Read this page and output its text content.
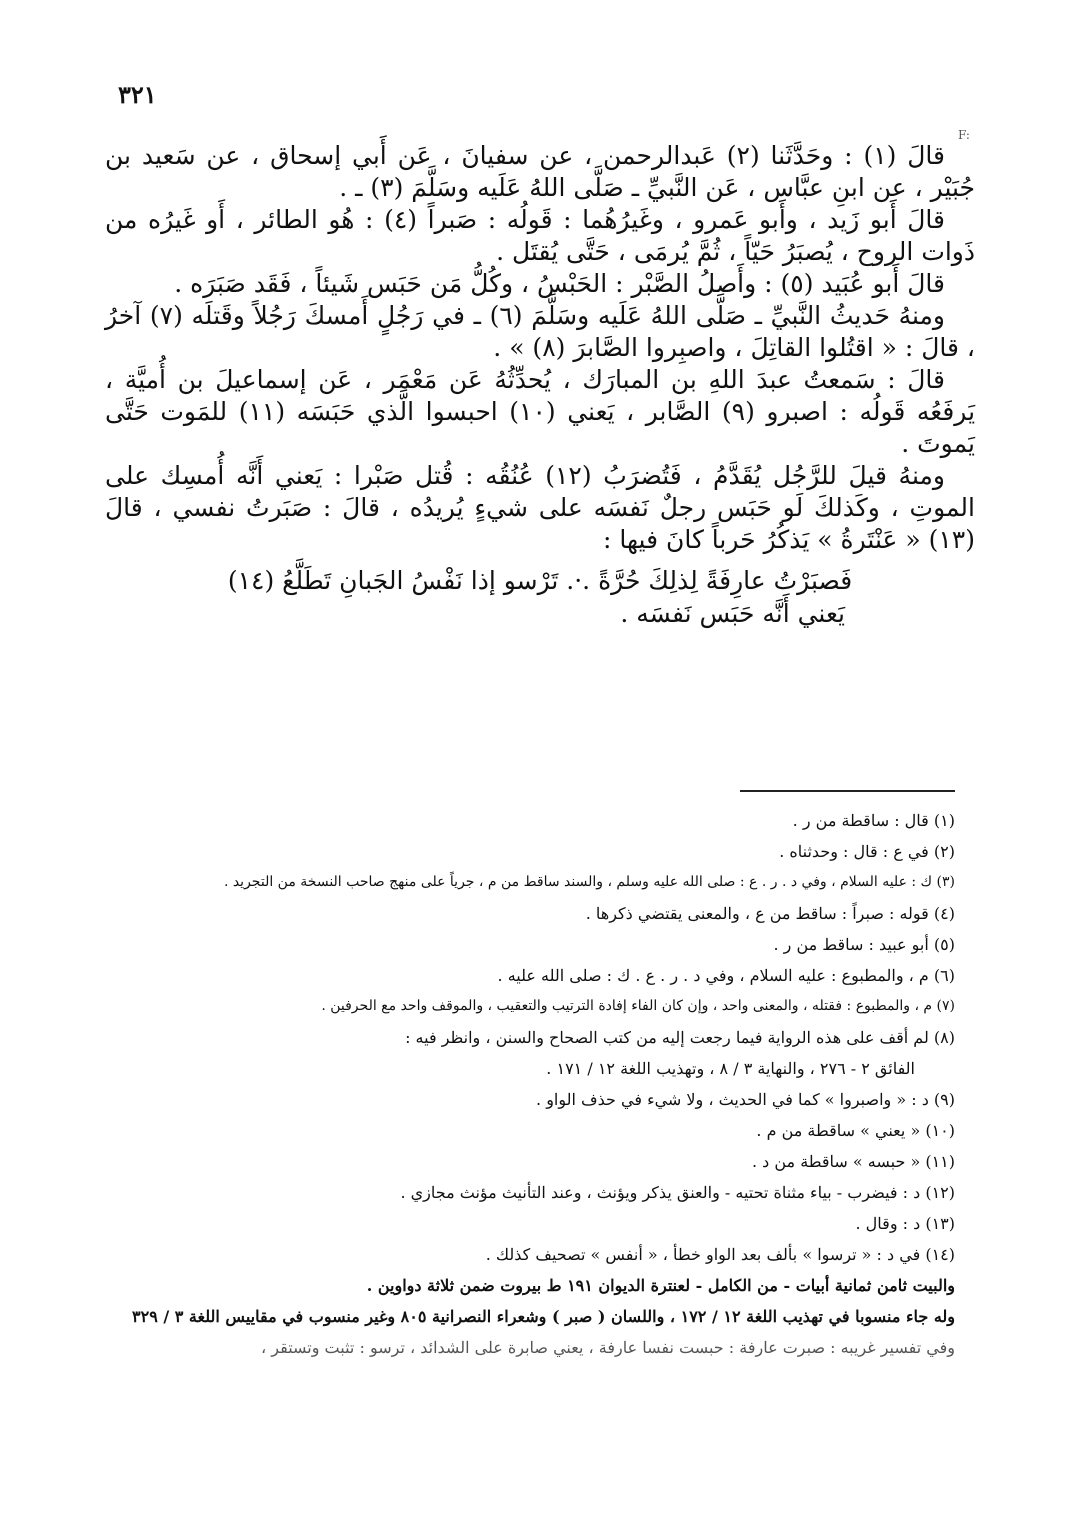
٣٢١
F:

قالَ (١) : وحَدَّثَنا (٢) عَبدالرحمن ، عن سفيانَ ، عَن أَبي إسحاق ، عن سَعيد بن جُبَيْر ، عن ابنِ عبَّاس ، عَن النَّبيِّ ـ صَلَّى اللهُ عَلَيه وسَلَّمَ (٣) ـ .

قالَ أَبو زَيد ، وأَبو عَمرو ، وغَيرُهُما : قَولُه : صَبراً (٤) : هُو الطائر ، أَو غَيرُه من ذَوات الروح ، يُصبَرُ حَيّاً ، ثُمَّ يُرمَى ، حَتَّى يُقتَل .

قالَ أَبو عُبَيد (٥) : وأَصلُ الصَّبْر : الحَبْسُ ، وكُلُّ مَن حَبَس شَيئاً ، فَقَد صَبَرَه .

ومنهُ حَديثُ النَّبيِّ ـ صَلَّى اللهُ عَلَيه وسَلَّمَ (٦) ـ في رَجُلٍ أَمسكَ رَجُلاً وقَتلَه (٧) آخرُ ، قالَ : « اقتُلوا القاتِلَ ، واصبِروا الصَّابرَ (٨) » .

قالَ : سَمعتُ عبدَ اللهِ بن المبارَك ، يُحدِّثُهُ عَن مَعْمَر ، عَن إسماعيلَ بن أُميَّة ، يَرفَعُه قَولُه : اصبرو (٩) الصَّابر ، يَعني (١٠) احبسوا الَّذي حَبَسَه (١١) للمَوت حَتَّى يَموتَ .

ومنهُ قيلَ للرَّجُل يُقَدَّمُ ، فَتُضرَبُ (١٢) عُنُقُه : قُتل صَبْرا : يَعني أَنَّه أُمسِك على الموتِ ، وكَذلكَ لَو حَبَس رجلٌ نَفسَه على شيءٍ يُريدُه ، قالَ : صَبَرتُ نفسي ، قالَ (١٣) « عَنْتَرةُ » يَذكُرُ حَرباً كانَ فيها :

فَصبَرْتُ عارِفَةً لِذلِكَ حُرَّةً .·. تَرْسو إذا نَفْسُ الجَبانِ تَطَلَّعُ (١٤)

يَعني أَنَّه حَبَس نَفسَه .

(١) قال : ساقطة من ر .

(٢) في ع : قال : وحدثناه .

(٣) ك : عليه السلام ، وفي د . ر . ع : صلى الله عليه وسلم ، والسند ساقط من م ، جرياً على منهج صاحب النسخة من التجريد .

(٤) قوله : صبراً : ساقط من ع ، والمعنى يقتضي ذكرها .

(٥) أبو عبيد : ساقط من ر .

(٦) م ، والمطبوع : عليه السلام ، وفي د . ر . ع . ك : صلى الله عليه .

(٧) م ، والمطبوع : فقتله ، والمعنى واحد ، وإن كان الفاء إفادة الترتيب والتعقيب ، والموقف واحد مع الحرفين .

(٨) لم أقف على هذه الرواية فيما رجعت إليه من كتب الصحاح والسنن ، وانظر فيه :

الفائق ٢ - ٢٧٦ ، والنهاية ٣ / ٨ ، وتهذيب اللغة ١٢ / ١٧١ .

(٩) د : « واصبروا » كما في الحديث ، ولا شيء في حذف الواو .

(١٠) « يعني » ساقطة من م .

(١١) « حبسه » ساقطة من د .

(١٢) د : فيضرب - بياء مثناة تحتيه - والعنق يذكر ويؤنث ، وعند التأنيث مؤنث مجازي .

(١٣) د : وقال .

(١٤) في د : « ترسوا » بألف بعد الواو خطأ ، « أنفس » تصحيف كذلك .

والبيت ثامن ثمانية أبيات - من الكامل - لعنترة الديوان ١٩١ ط بيروت ضمن ثلاثة دواوين .

وله جاء منسوبا في تهذيب اللغة ١٢ / ١٧٢ ، واللسان ( صبر ) وشعراء النصرانية ٨٠٥ وغير منسوب في مقاييس اللغة ٣ / ٣٢٩

وفي تفسير غريبه : صبرت عارفة : حبست نفسا عارفة ، يعني صابرة على الشدائد ، ترسو : تثبت وتستقر ،
